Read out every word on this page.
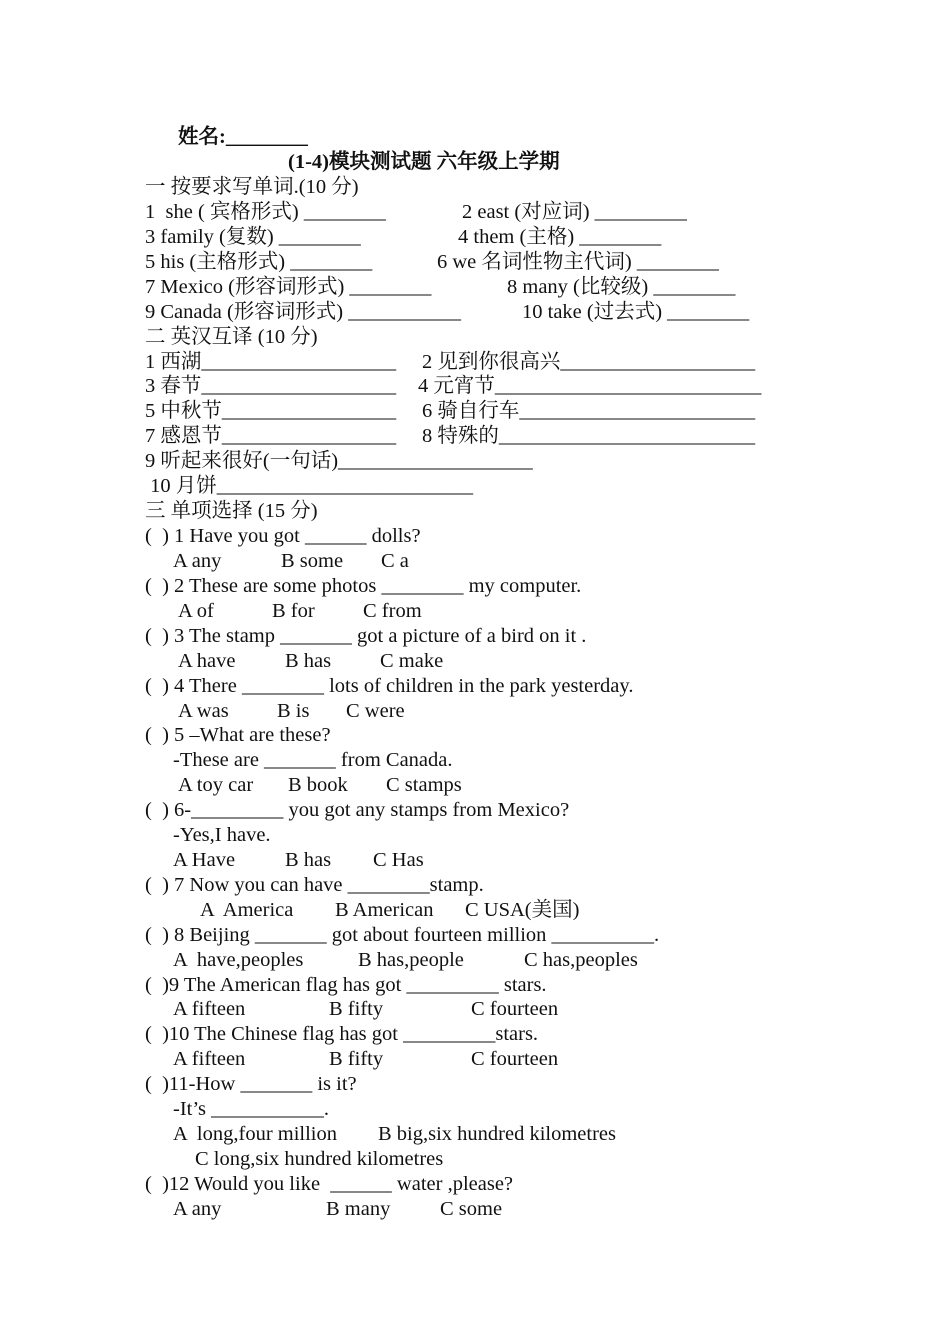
姓名:________
(1-4)模块测试题 六年级上学期
一 按要求写单词.(10 分)
1  she ( 宾格形式) ________	2 east (对应词) _________
3 family (复数) ________	4 them (主格) ________
5 his (主格形式) ________	6 we 名词性物主代词) ________
7 Mexico (形容词形式) ________	8 many (比较级) ________
9 Canada (形容词形式) ___________	10 take (过去式) ________
二 英汉互译 (10 分)
1 西湖___________________ 2 见到你很高兴___________________
3 春节___________________ 4 元宵节__________________________
5 中秋节_________________ 6 骑自行车_______________________
7 感恩节_________________ 8 特殊的_________________________
9 听起来很好(一句话)___________________
10 月饼_________________________
三 单项选择 (15 分)
(  ) 1 Have you got ______ dolls?
A any	B some C a
(  ) 2 These are some photos ________ my computer.
A of	B for C from
(  ) 3 The stamp _______ got a picture of a bird on it .
A have B has C make
(  ) 4 There ________ lots of children in the park yesterday.
A was B is C were
(  ) 5 –What are these?
-These are _______ from Canada.
A toy car B book C stamps
(  ) 6-_________ you got any stamps from Mexico?
-Yes,I have.
A Have B has C Has
(  ) 7 Now you can have ________stamp.
A  America B American C USA(美国)
(  ) 8 Beijing _______ got about fourteen million __________.
A  have,peoples	B has,people	C has,peoples
(  )9 The American flag has got _________ stars.
A fifteen	B fifty	C fourteen
(  )10 The Chinese flag has got _________stars.
A fifteen	B fifty	C fourteen
(  )11-How _______ is it?
-It’s ___________.
A  long,four million B big,six hundred kilometres
C long,six hundred kilometres
(  )12 Would you like  ______ water ,please?
A any	B many C some
